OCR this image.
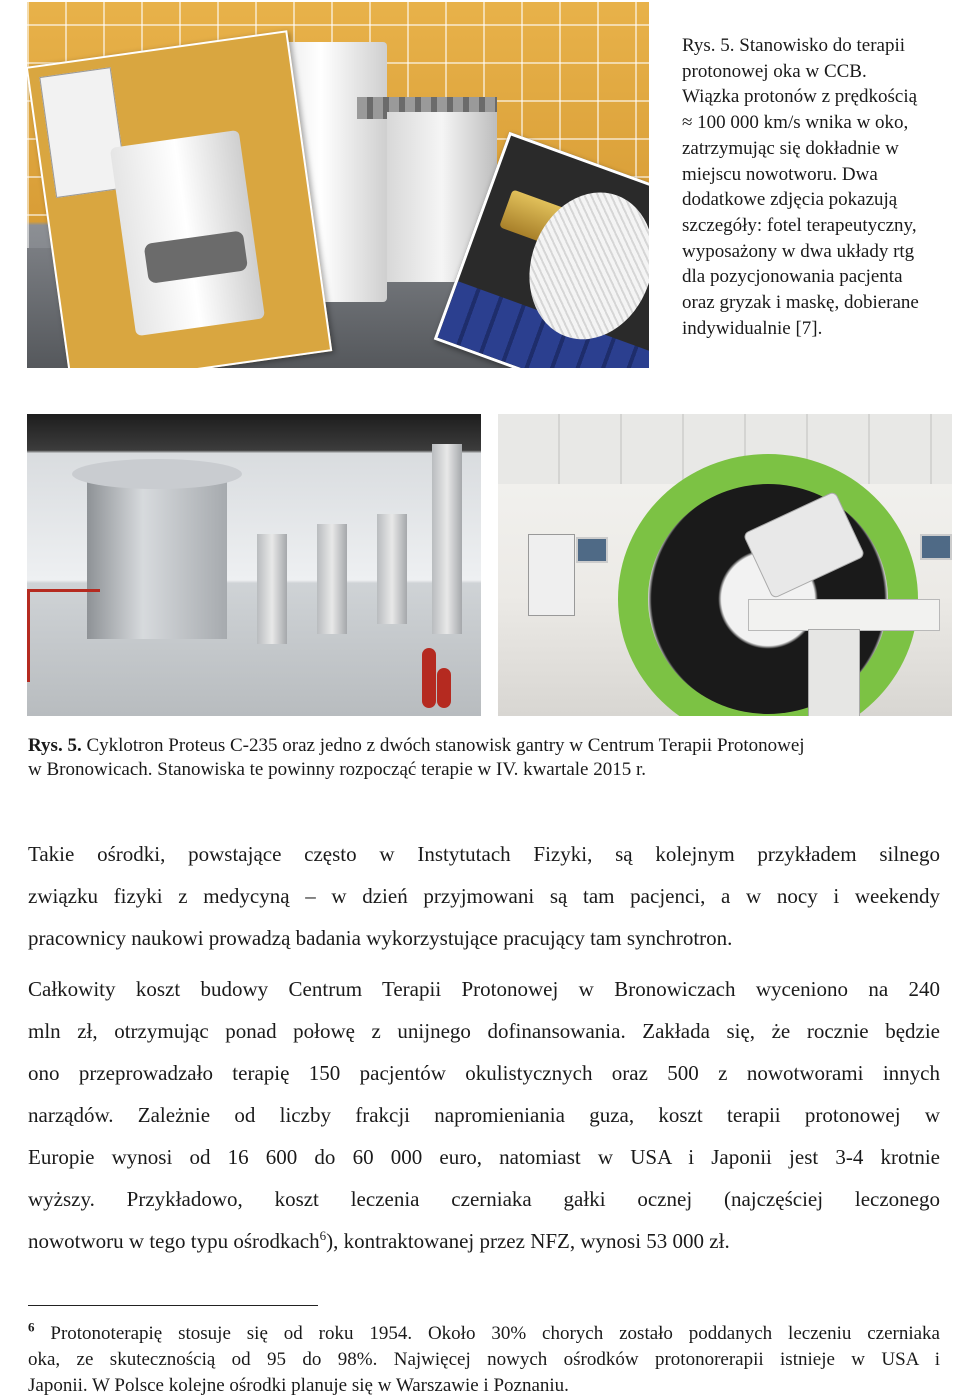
Rys. 5. Stanowisko do terapii
protonowej oka w CCB.
Wiązka protonów z prędkością
≈ 100 000 km/s wnika w oko,
zatrzymując się dokładnie w
miejscu nowotworu. Dwa
dodatkowe zdjęcia pokazują
szczegóły: fotel terapeutyczny,
wyposażony w dwa układy rtg
dla pozycjonowania pacjenta
oraz gryzak i maskę, dobierane
indywidualnie [7].
Rys. 5. Cyklotron Proteus C-235 oraz jedno z dwóch stanowisk gantry w Centrum Terapii Protonowej
w Bronowicach. Stanowiska te powinny rozpocząć terapie w IV. kwartale 2015 r.
Takie ośrodki, powstające często w Instytutach Fizyki, są kolejnym przykładem silnego
związku fizyki z medycyną – w dzień przyjmowani są tam pacjenci, a w nocy i weekendy
pracownicy naukowi prowadzą badania wykorzystujące pracujący tam synchrotron.
Całkowity koszt budowy Centrum Terapii Protonowej w Bronowiczach wyceniono na 240
mln zł, otrzymując ponad połowę z unijnego dofinansowania. Zakłada się, że rocznie będzie
ono przeprowadzało terapię 150 pacjentów okulistycznych oraz 500 z nowotworami innych
narządów. Zależnie od liczby frakcji napromieniania guza, koszt terapii protonowej w
Europie wynosi od 16 600 do 60 000 euro, natomiast w USA i Japonii jest 3-4 krotnie
wyższy. Przykładowo, koszt leczenia czerniaka gałki ocznej (najczęściej leczonego
nowotworu w tego typu ośrodkach$^6$), kontraktowanej przez NFZ, wynosi 53 000 zł.
$^6$ Protonoterapię stosuje się od roku 1954. Około 30% chorych zostało poddanych leczeniu czerniaka
oka, ze skutecznością od 95 do 98%. Najwięcej nowych ośrodków protonorerapii istnieje w USA i
Japonii. W Polsce kolejne ośrodki planuje się w Warszawie i Poznaniu.
